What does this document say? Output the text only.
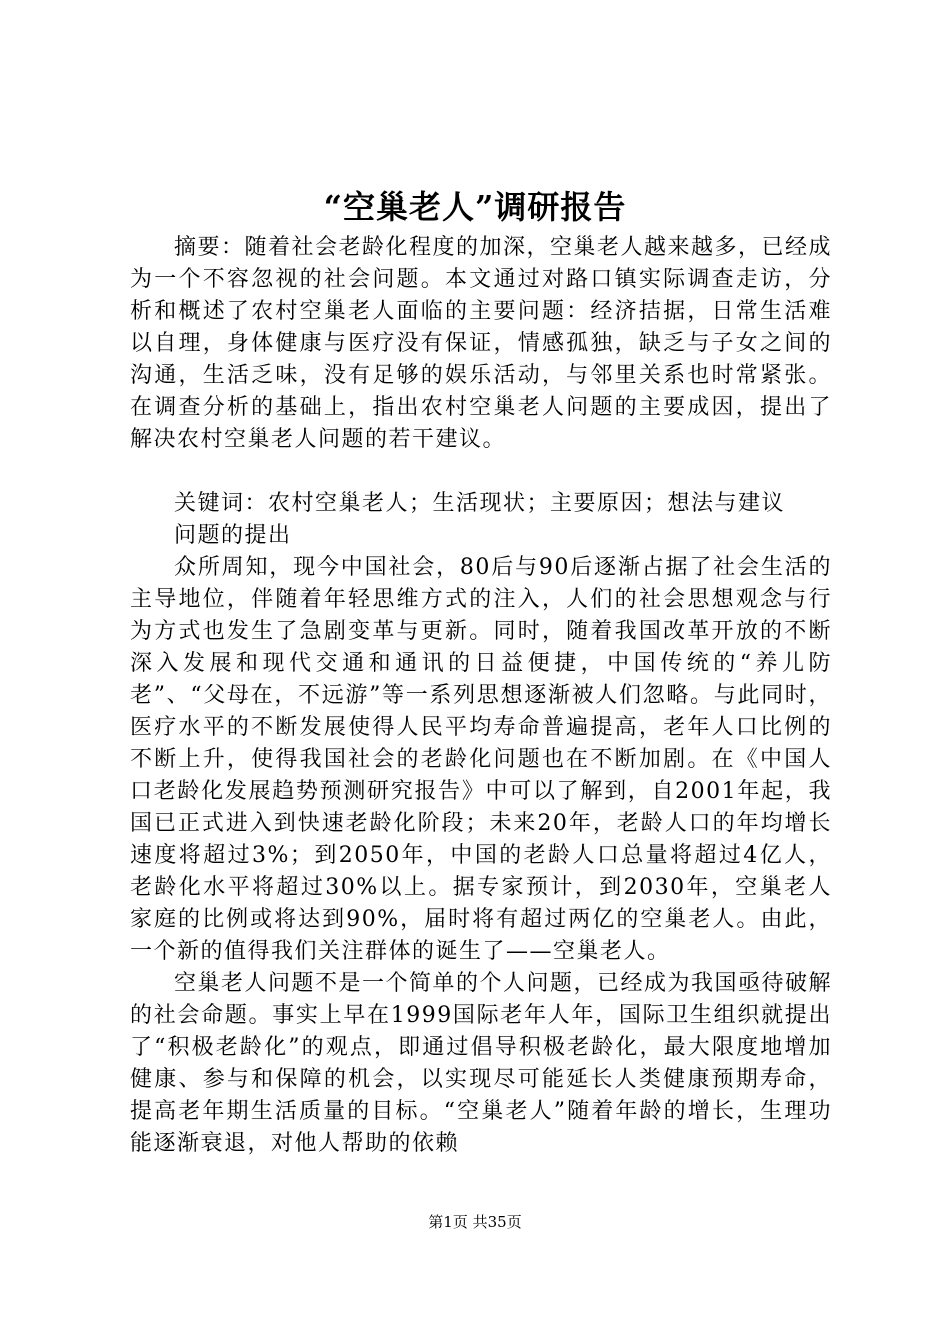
“空巢老人”调研报告

摘要：随着社会老龄化程度的加深，空巢老人越来越多，已经成为一个不容忽视的社会问题。本文通过对路口镇实际调查走访，分析和概述了农村空巢老人面临的主要问题：经济拮据，日常生活难以自理，身体健康与医疗没有保证，情感孤独，缺乏与子女之间的沟通，生活乏味，没有足够的娱乐活动，与邻里关系也时常紧张。在调查分析的基础上，指出农村空巢老人问题的主要成因，提出了解决农村空巢老人问题的若干建议。

关键词：农村空巢老人；生活现状；主要原因；想法与建议

问题的提出

众所周知，现今中国社会，80后与90后逐渐占据了社会生活的主导地位，伴随着年轻思维方式的注入，人们的社会思想观念与行为方式也发生了急剧变革与更新。同时，随着我国改革开放的不断深入发展和现代交通和通讯的日益便捷，中国传统的“养儿防老”、“父母在，不远游”等一系列思想逐渐被人们忽略。与此同时，医疗水平的不断发展使得人民平均寿命普遍提高，老年人口比例的不断上升，使得我国社会的老龄化问题也在不断加剧。在《中国人口老龄化发展趋势预测研究报告》中可以了解到，自2001年起，我国已正式进入到快速老龄化阶段；未来20年，老龄人口的年均增长速度将超过3%；到2050年，中国的老龄人口总量将超过4亿人，老龄化水平将超过30%以上。据专家预计，到2030年，空巢老人家庭的比例或将达到90%，届时将有超过两亿的空巢老人。由此，一个新的值得我们关注群体的诞生了——空巢老人。

空巢老人问题不是一个简单的个人问题，已经成为我国亟待破解的社会命题。事实上早在1999国际老年人年，国际卫生组织就提出了“积极老龄化”的观点，即通过倡导积极老龄化，最大限度地增加健康、参与和保障的机会，以实现尽可能延长人类健康预期寿命，提高老年期生活质量的目标。“空巢老人”随着年龄的增长，生理功能逐渐衰退，对他人帮助的依赖

第1页 共35页
